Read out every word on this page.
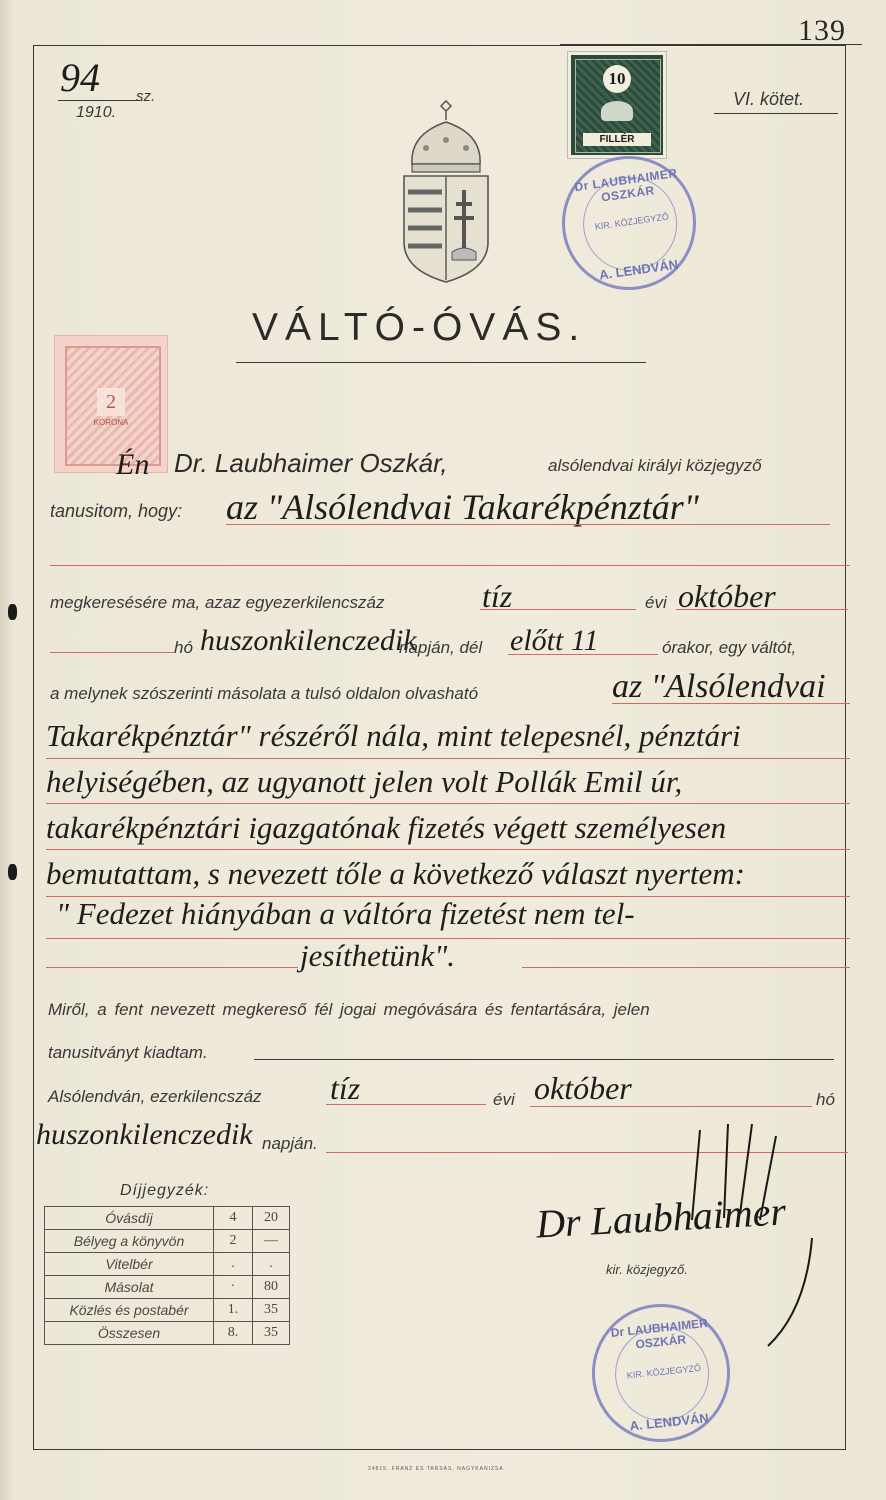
139
94 sz.
1910.
VI. kötet.
10
FILLÉR
Dr LAUBHAIMER OSZKÁR
KIR. KÖZJEGYZŐ
A. LENDVÁN
VÁLTÓ-ÓVÁS.
2
KORONA
Én Dr. Laubhaimer Oszkár,	alsólendvai királyi közjegyző
tanusitom, hogy: az "Alsólendvai Takarékpénztár"
megkeresésére ma, azaz egyezerkilencszáz	tíz	évi október
hó huszonkilenczedik
napján, dél előtt 11	órakor, egy váltót,
a melynek szószerinti másolata a tulsó oldalon olvasható	az "Alsólendvai
Takarékpénztár" részéről nála, mint telepesnél, pénztári
helyiségében, az ugyanott jelen volt Pollák Emil úr,
takarékpénztári igazgatónak fizetés végett személyesen
bemutattam, s nevezett tőle a következő választ nyertem:
" Fedezet hiányában a váltóra fizetést nem tel-
jesíthetünk".
Miről, a fent nevezett megkereső fél jogai megóvására és fentartására, jelen
tanusitványt kiadtam.
Alsólendván, ezerkilencszáz tíz	évi október	hó
huszonkilenczedik napján.
Díjjegyzék:
Óvásdíj	4	20
Bélyeg a könyvön	2	—
Vitelbér	.	.
Másolat	·	80
Közlés és postabér	1.	35
Összesen	8.	35
Dr Laubhaimer
kir. közjegyző.
Dr LAUBHAIMER OSZKÁR
KIR. KÖZJEGYZŐ
A. LENDVÁN
24815. FRANZ ES TARSAS, NAGYKANIZSA
